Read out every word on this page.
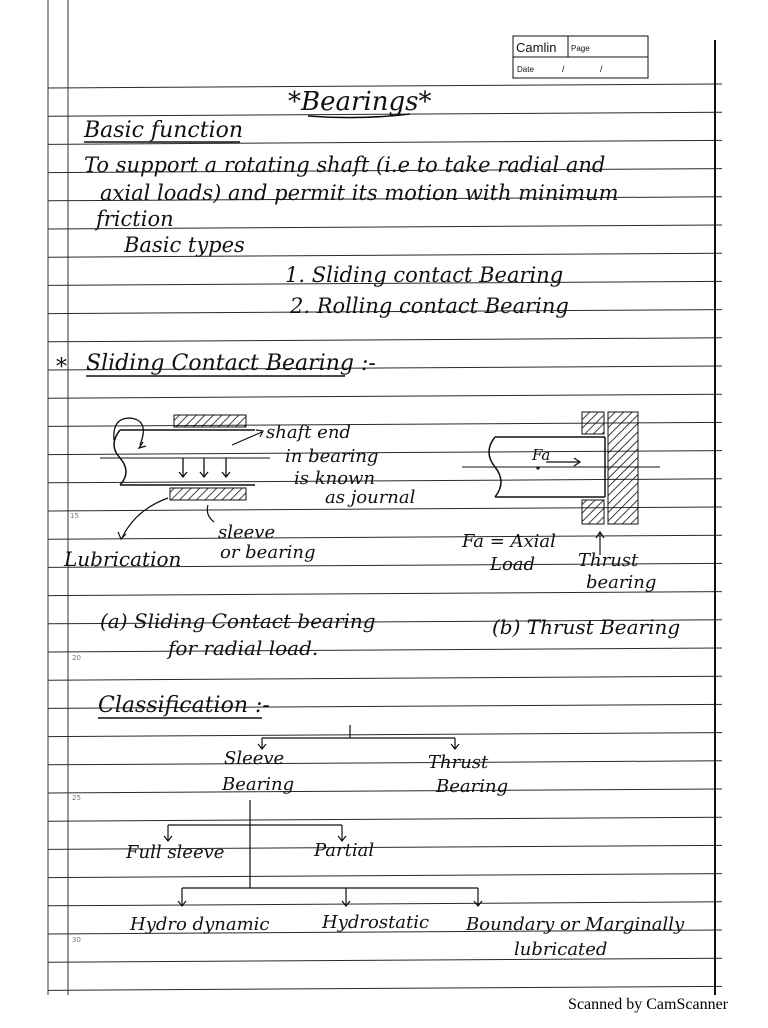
15
20
25
30
Camlin Page
Date	/	/
*Bearings*
Basic function
To support a rotating shaft (i.e to take radial and
axial loads) and permit its motion with minimum
friction
Basic types
1. Sliding contact Bearing
2. Rolling contact Bearing
* Sliding Contact Bearing :-
shaft end
in bearing
is known
as journal
sleeve
or bearing
Lubrication
Fa
Fa = Axial
Load Thrust
bearing
(a) Sliding Contact bearing
for radial load.
(b) Thrust Bearing
Classification :-
Sleeve
Bearing
Thrust
Bearing
Full sleeve	Partial
Hydro dynamic	Hydrostatic Boundary or Marginally
lubricated
Scanned by CamScanner
